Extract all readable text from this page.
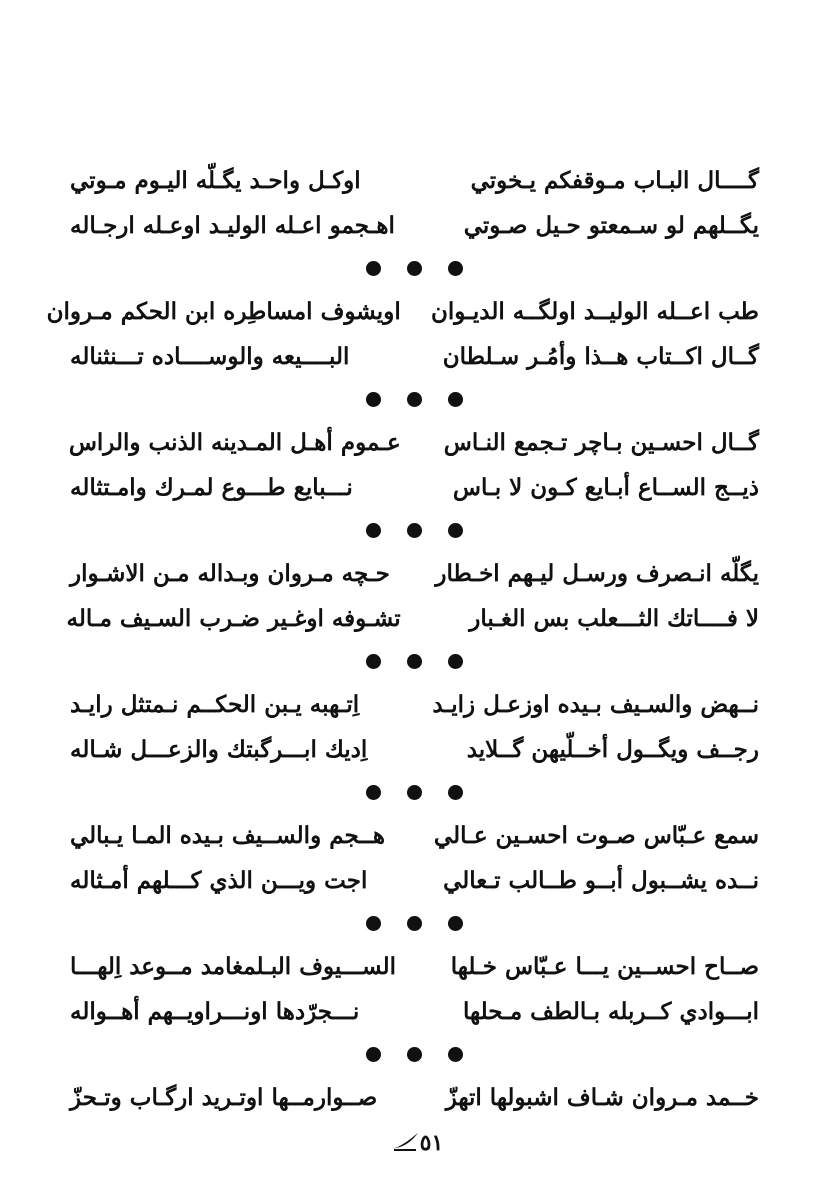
گــــال البـاب مـوقفكم يـخوتي
اوكـل واحـد يگـلّه اليـوم مـوتي
يگــلهم لو سـمعتو حـيل صـوتي
اهـجمو اعـله الوليـد اوعـله ارجـاله
طب اعــله الوليــد اولگــه الديـوان
اويشوف امساطِره ابن الحكم مـروان
گــال اكــتاب هــذا وأمُـر سـلطان
البــــيعه والوســــاده تـــنثناله
گــال احسـين بـاچر تـجمع النـاس
عـموم أهـل المـدينه الذنب والراس
ذيــج الســاع أبـايع كـون لا بـاس
نـــبايع طـــوع لمـرك وامـتثاله
يگلّه انـصرف ورسـل ليـهم اخـطار
حـچه مـروان وبـداله مـن الاشـوار
لا فــــاتك الثـــعلب بس الغـبار
تشـوفه اوغـير ضـرب السـيف مـاله
نــهض والسـيف بـيده اوزعـل زايـد
اِتـهبه يـبن الحكــم نـمتثل رايـد
رجــف ويگــول أخــلّيهن گــلايد
اِديك ابـــرگبتك والزعـــل شـاله
سمع عـبّاس صـوت احسـين عـالي
هــجم والســيف بـيده المـا يـبالي
نــده يشــبول أبــو طــالب تـعالي
اجت ويـــن الذي كـــلهم أمـثاله
صــاح احســين يـــا عـبّاس خـلها
الســـيوف البـلمغامد مــوعد اِلهـــا
ابـــوادي كــربله بـالطف مـحلها
نـــجرّدها اونـــراويــهم أهــواله
خــمد مـروان شـاف اشبولها اتهزّ
صــوارمــها اوتـريد ارگـاب وتـحزّ
٥١
